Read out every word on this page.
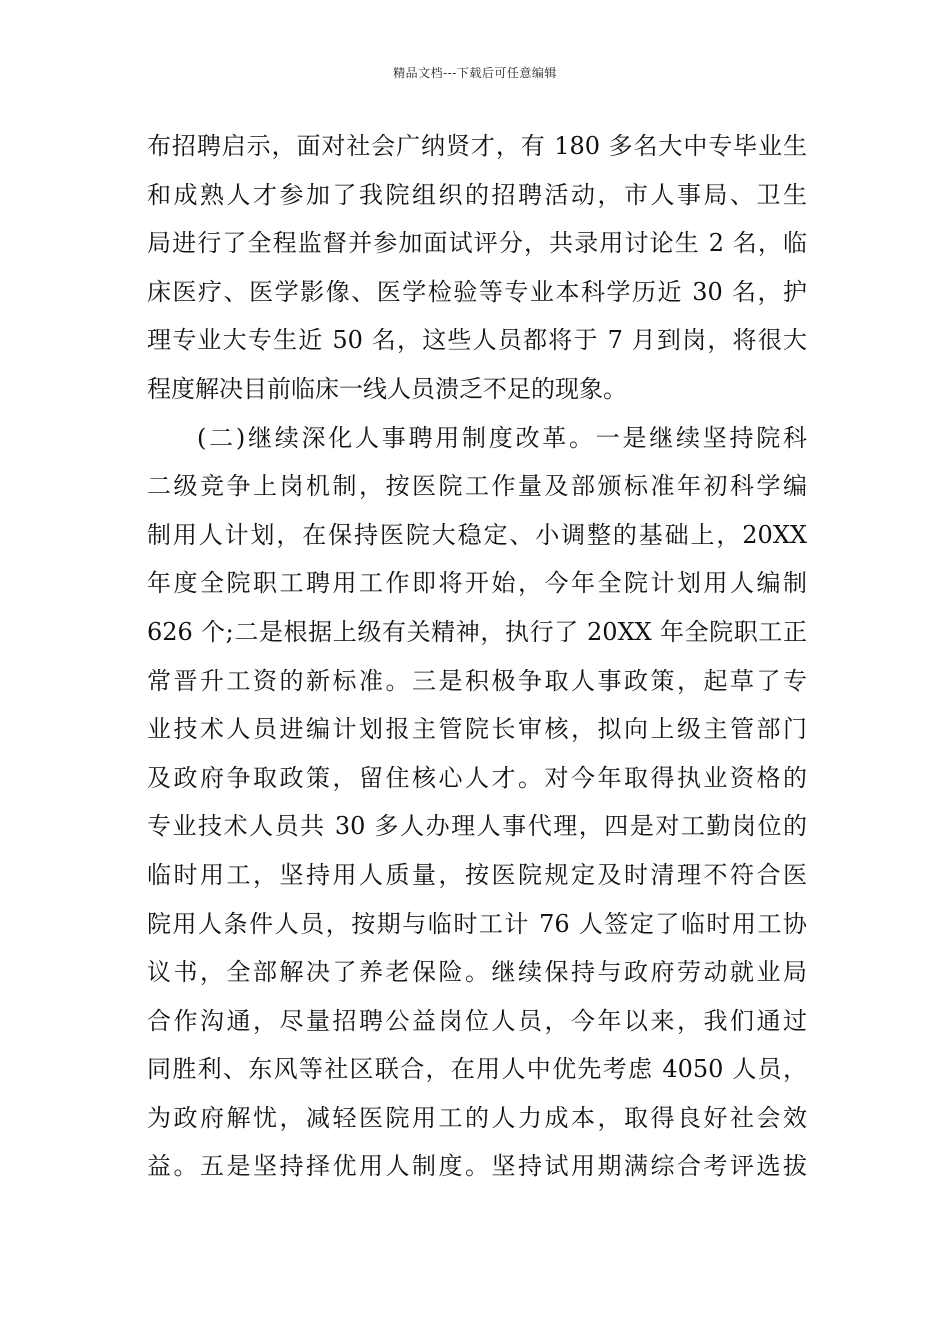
精品文档---下载后可任意编辑
布招聘启示，面对社会广纳贤才，有 180 多名大中专毕业生
和成熟人才参加了我院组织的招聘活动，市人事局、卫生
局进行了全程监督并参加面试评分，共录用讨论生 2 名，临
床医疗、医学影像、医学检验等专业本科学历近 30 名，护
理专业大专生近 50 名，这些人员都将于 7 月到岗，将很大
程度解决目前临床一线人员溃乏不足的现象。
(二)继续深化人事聘用制度改革。一是继续坚持院科
二级竞争上岗机制，按医院工作量及部颁标准年初科学编
制用人计划，在保持医院大稳定、小调整的基础上，20XX
年度全院职工聘用工作即将开始，今年全院计划用人编制
626 个;二是根据上级有关精神，执行了 20XX 年全院职工正
常晋升工资的新标准。三是积极争取人事政策，起草了专
业技术人员进编计划报主管院长审核，拟向上级主管部门
及政府争取政策，留住核心人才。对今年取得执业资格的
专业技术人员共 30 多人办理人事代理，四是对工勤岗位的
临时用工，坚持用人质量，按医院规定及时清理不符合医
院用人条件人员，按期与临时工计 76 人签定了临时用工协
议书，全部解决了养老保险。继续保持与政府劳动就业局
合作沟通，尽量招聘公益岗位人员，今年以来，我们通过
同胜利、东风等社区联合，在用人中优先考虑 4050 人员，
为政府解忧，减轻医院用工的人力成本，取得良好社会效
益。五是坚持择优用人制度。坚持试用期满综合考评选拔
